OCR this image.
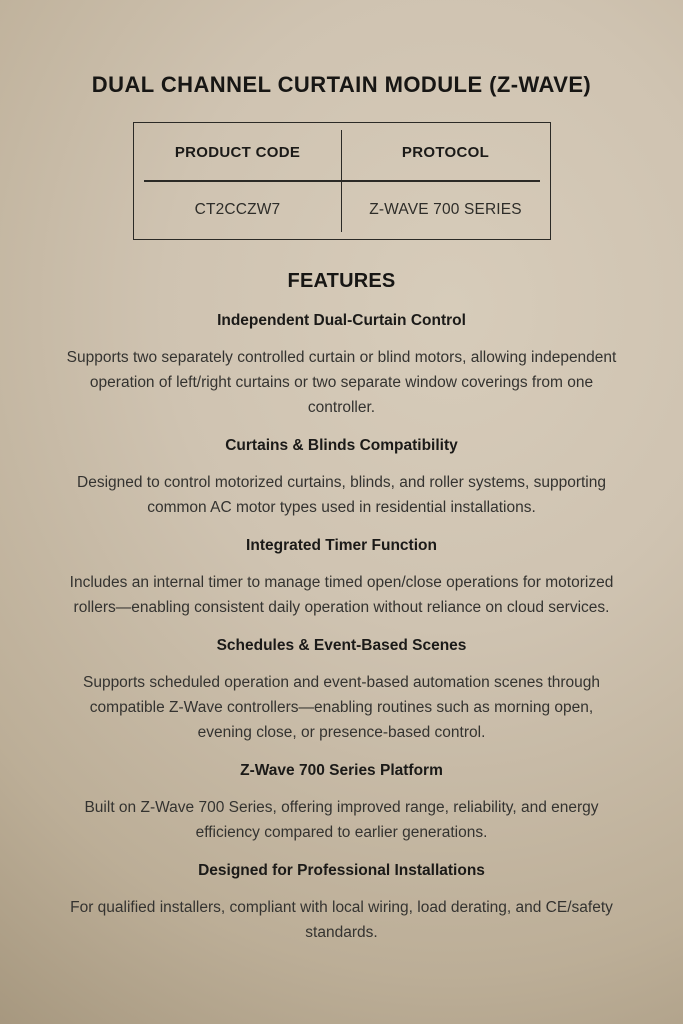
DUAL CHANNEL CURTAIN MODULE (Z-WAVE)
PRODUCT CODE	PROTOCOL
CT2CCZW7	Z-WAVE 700 SERIES
FEATURES
Independent Dual-Curtain Control

Supports two separately controlled curtain or blind motors, allowing independent operation of left/right curtains or two separate window coverings from one controller.

Curtains & Blinds Compatibility

Designed to control motorized curtains, blinds, and roller systems, supporting common AC motor types used in residential installations.

Integrated Timer Function

Includes an internal timer to manage timed open/close operations for motorized rollers—enabling consistent daily operation without reliance on cloud services.

Schedules & Event-Based Scenes

Supports scheduled operation and event-based automation scenes through compatible Z-Wave controllers—enabling routines such as morning open, evening close, or presence-based control.

Z-Wave 700 Series Platform

Built on Z-Wave 700 Series, offering improved range, reliability, and energy efficiency compared to earlier generations.

Designed for Professional Installations

For qualified installers, compliant with local wiring, load derating, and CE/safety standards.
